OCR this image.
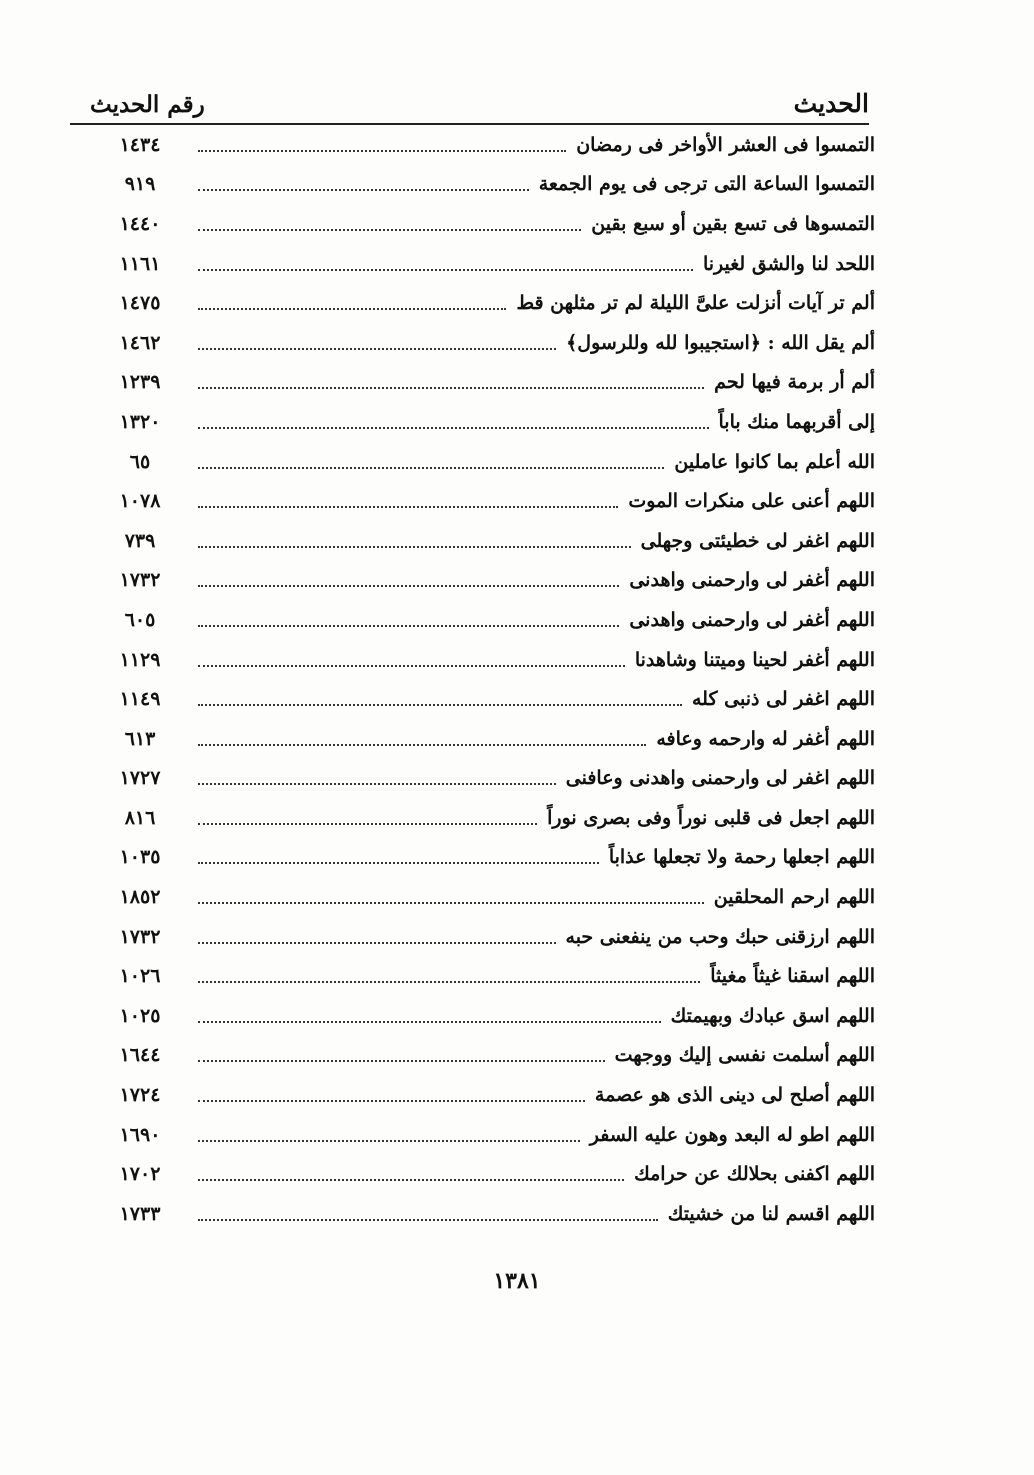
الحديث
رقم الحديث
التمسوا فى العشر الأواخر فى رمضان
١٤٣٤
التمسوا الساعة التى ترجى فى يوم الجمعة
٩١٩
التمسوها فى تسع بقين أو سبع بقين
١٤٤٠
اللحد لنا والشق لغيرنا
١١٦١
ألم تر آيات أنزلت علىَّ الليلة لم تر مثلهن قط
١٤٧٥
ألم يقل الله : ﴿استجيبوا لله وللرسول﴾
١٤٦٢
ألم أر برمة فيها لحم
١٢٣٩
إلى أقربهما منك باباً
١٣٢٠
الله أعلم بما كانوا عاملين
٦٥
اللهم أعنى على منكرات الموت
١٠٧٨
اللهم اغفر لى خطيئتى وجهلى
٧٣٩
اللهم أغفر لى وارحمنى واهدنى
١٧٣٢
اللهم أغفر لى وارحمنى واهدنى
٦٠٥
اللهم أغفر لحينا وميتنا وشاهدنا
١١٢٩
اللهم اغفر لى ذنبى كله
١١٤٩
اللهم أغفر له وارحمه وعافه
٦١٣
اللهم اغفر لى وارحمنى واهدنى وعافنى
١٧٢٧
اللهم اجعل فى قلبى نوراً وفى بصرى نوراً
٨١٦
اللهم اجعلها رحمة ولا تجعلها عذاباً
١٠٣٥
اللهم ارحم المحلقين
١٨٥٢
اللهم ارزقنى حبك وحب من ينفعنى حبه
١٧٣٢
اللهم اسقنا غيثاً مغيثاً
١٠٢٦
اللهم اسق عبادك وبهيمتك
١٠٢٥
اللهم أسلمت نفسى إليك ووجهت
١٦٤٤
اللهم أصلح لى دينى الذى هو عصمة
١٧٢٤
اللهم اطو له البعد وهون عليه السفر
١٦٩٠
اللهم اكفنى بحلالك عن حرامك
١٧٠٢
اللهم اقسم لنا من خشيتك
١٧٣٣
١٣٨١
